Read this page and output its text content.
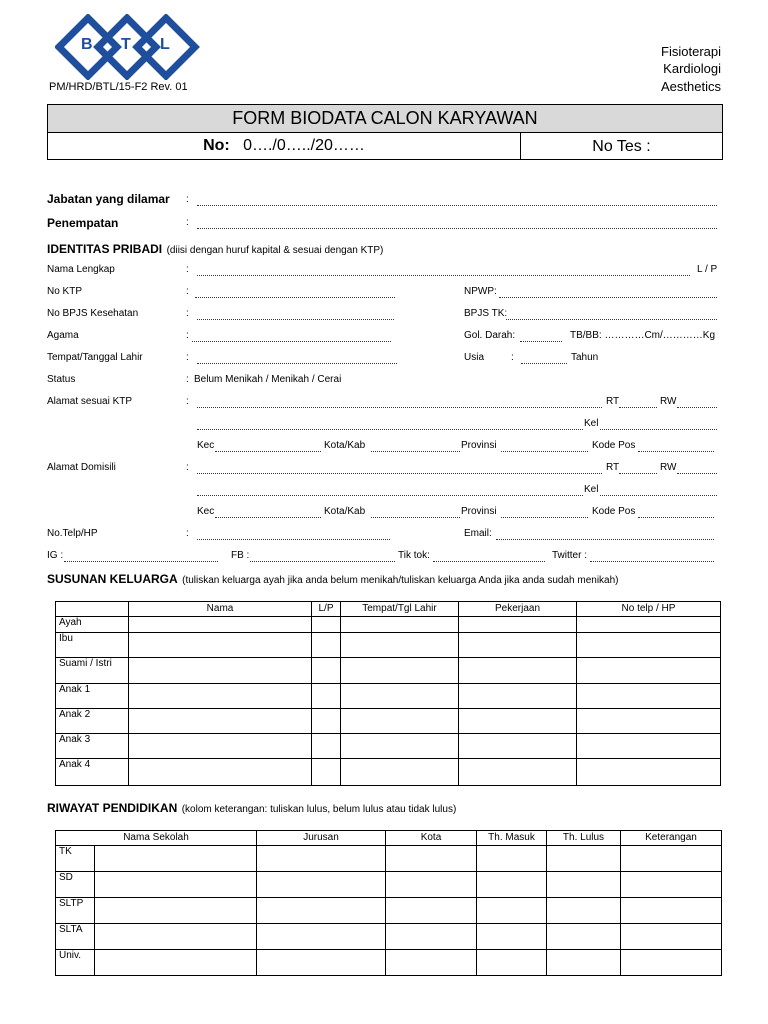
B T L
PM/HRD/BTL/15-F2 Rev. 01
Fisioterapi
Kardiologi
Aesthetics
FORM BIODATA CALON KARYAWAN
No: 0…./0…../20……	No Tes :
Jabatan yang dilamar :
Penempatan	:
IDENTITAS PRIBADI (diisi dengan huruf kapital & sesuai dengan KTP)
Nama Lengkap	:	L / P
No KTP	:	NPWP:
No BPJS Kesehatan	:	BPJS TK:
Agama	:	Gol. Darah:	TB/BB: …………Cm/…………Kg
Tempat/Tanggal Lahir	:	Usia	:	Tahun
Status	: Belum Menikah / Menikah / Cerai
Alamat sesuai KTP	:	RT	RW
Kel
Kec	Kota/Kab	Provinsi	Kode Pos
Alamat Domisili	:	RT	RW
Kel
Kec	Kota/Kab	Provinsi	Kode Pos
No.Telp/HP	:	Email:
IG :	FB :	Tik tok:	Twitter :
SUSUNAN KELUARGA (tuliskan keluarga ayah jika anda belum menikah/tuliskan keluarga Anda jika anda sudah menikah)
	Nama	L/P	Tempat/Tgl Lahir	Pekerjaan	No telp / HP
Ayah					
Ibu					
Suami / Istri					
Anak 1					
Anak 2					
Anak 3					
Anak 4					
RIWAYAT PENDIDIKAN (kolom keterangan: tuliskan lulus, belum lulus atau tidak lulus)
Nama Sekolah		Jurusan	Kota	Th. Masuk	Th. Lulus	Keterangan
TK						
SD						
SLTP						
SLTA						
Univ.						
